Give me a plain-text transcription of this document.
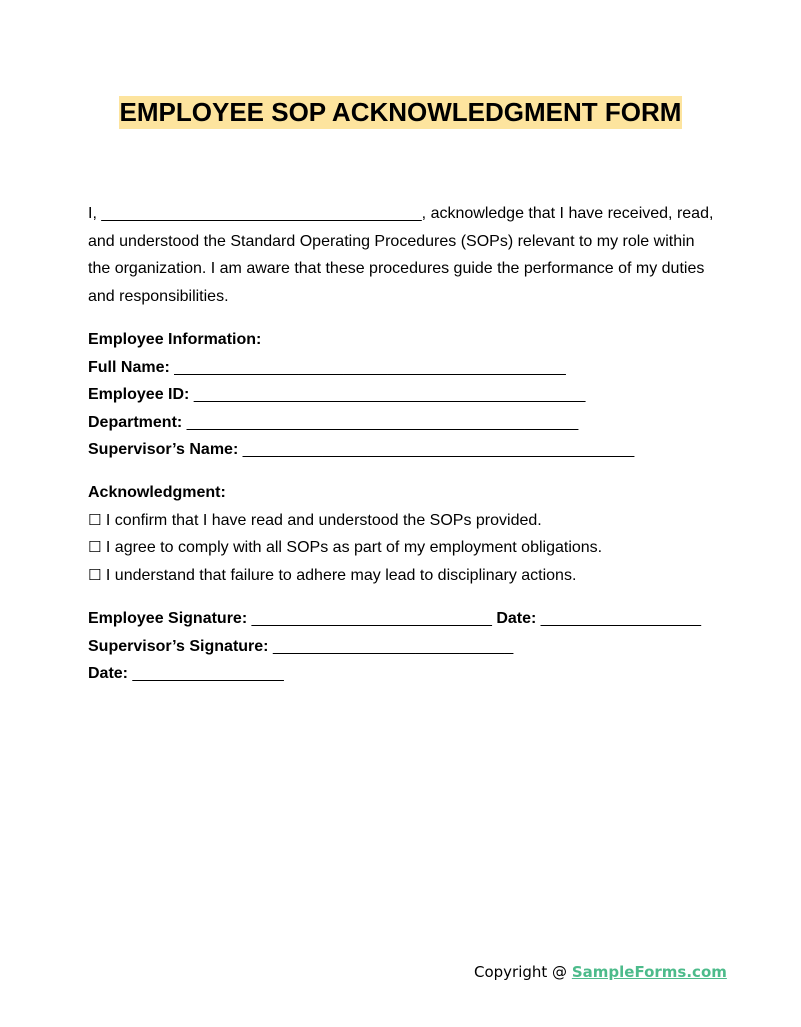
EMPLOYEE SOP ACKNOWLEDGMENT FORM

I, ____________________________________, acknowledge that I have received, read, and understood the Standard Operating Procedures (SOPs) relevant to my role within the organization. I am aware that these procedures guide the performance of my duties and responsibilities.

Employee Information:

Full Name: ____________________________________________

Employee ID: ____________________________________________

Department: ____________________________________________

Supervisor’s Name: ____________________________________________

Acknowledgment:

☐ I confirm that I have read and understood the SOPs provided.

☐ I agree to comply with all SOPs as part of my employment obligations.

☐ I understand that failure to adhere may lead to disciplinary actions.

Employee Signature: ___________________________ Date: __________________

Supervisor’s Signature: ___________________________

Date: _________________

Copyright @ SampleForms.com
